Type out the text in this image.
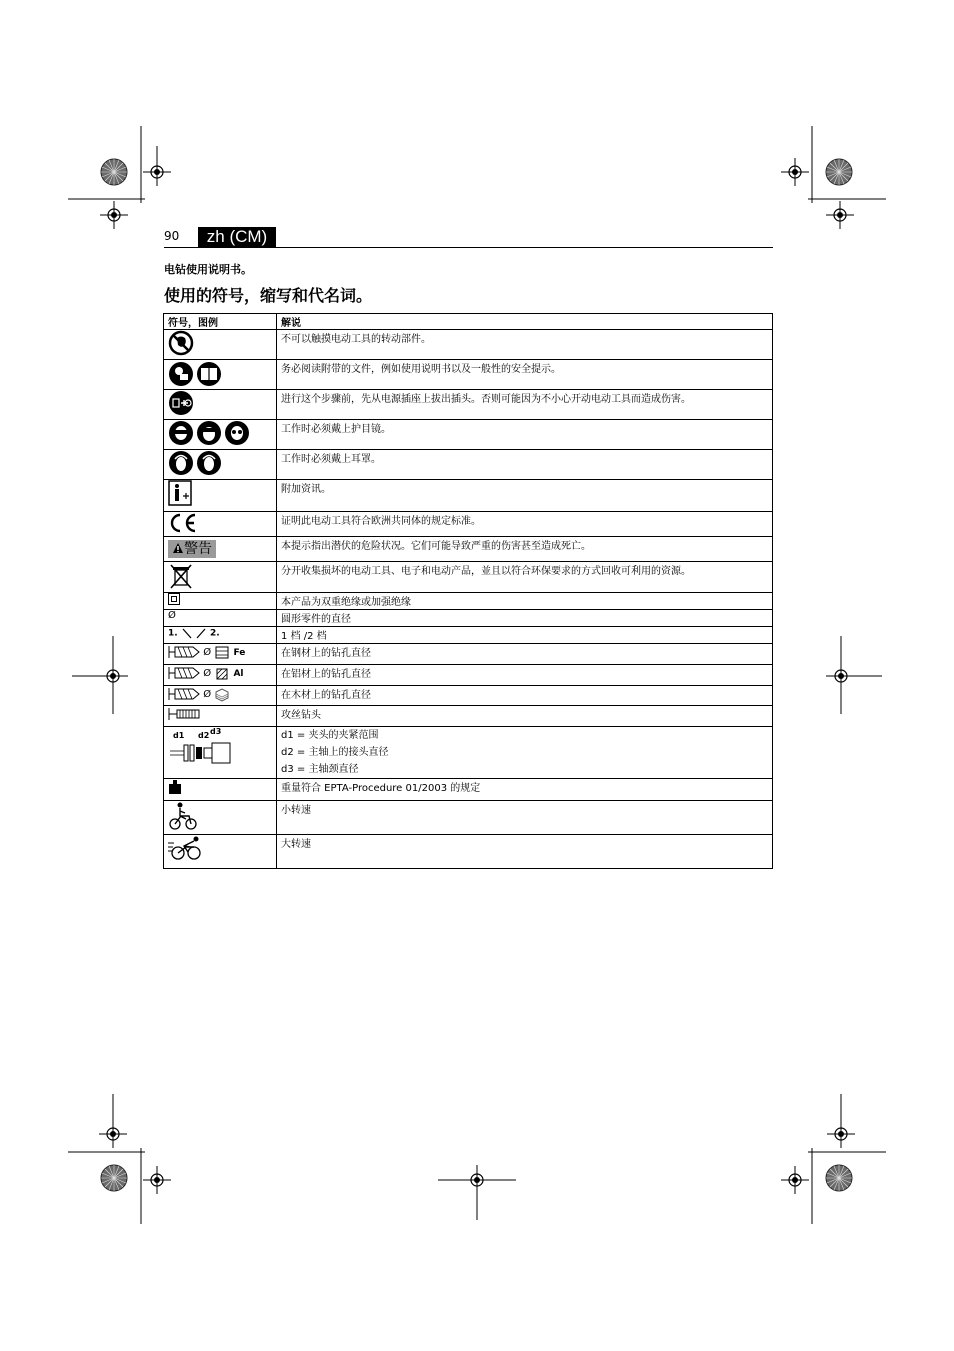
90	zh (CM)
电钻使用说明书。
使用的符号，缩写和代名词。
符号，图例	解说
	不可以触摸电动工具的转动部件。
	务必阅读附带的文件，例如使用说明书以及一般性的安全提示。
	进行这个步骤前，先从电源插座上拔出插头。否则可能因为不小心开动电动工具而造成伤害。
	工作时必须戴上护目镜。
	工作时必须戴上耳罩。
	附加资讯。
	证明此电动工具符合欧洲共同体的规定标准。
警告	本提示指出潜伏的危险状况。它们可能导致严重的伤害甚至造成死亡。
	分开收集损坏的电动工具、电子和电动产品，並且以符合环保要求的方式回收可利用的资源。
	本产品为双重绝缘或加强绝缘
Ø	圆形零件的直径
1. 2.	1 档 /2 档
Ø Fe	在钢材上的钻孔直径
Ø Al	在铝材上的钻孔直径
Ø	在木材上的钻孔直径
	攻丝钻头

d1 d2 d3	d1 = 夹头的夹紧范围
d2 = 主轴上的接头直径
d3 = 主轴颈直径

	重量符合 EPTA-Procedure 01/2003 的规定
	小转速
	大转速
